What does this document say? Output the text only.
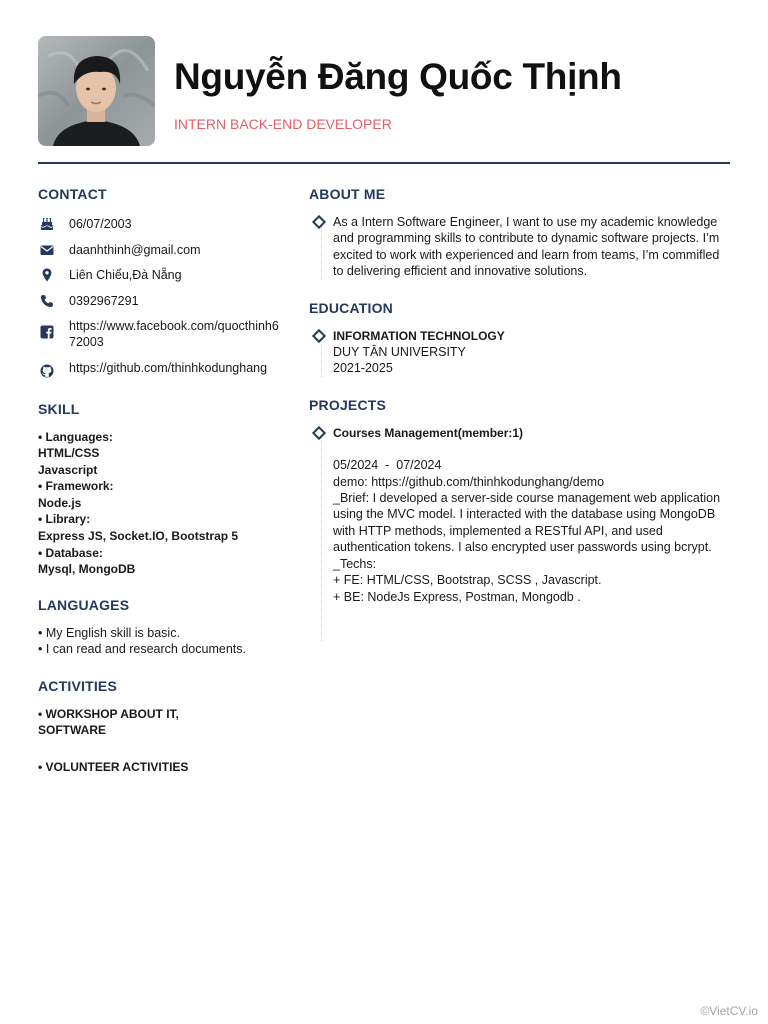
Nguyễn Đăng Quốc Thịnh
INTERN BACK-END DEVELOPER
CONTACT
06/07/2003
daanhthinh@gmail.com
Liên Chiểu,Đà Nẵng
0392967291
https://www.facebook.com/quocthinh672003
https://github.com/thinhkodunghang
SKILL
• Languages:
HTML/CSS
Javascript
• Framework:
Node.js
• Library:
Express JS, Socket.IO, Bootstrap 5
• Database:
Mysql, MongoDB
LANGUAGES
• My English skill is basic.
• I can read and research documents.
ACTIVITIES
• WORKSHOP ABOUT IT, SOFTWARE
• VOLUNTEER ACTIVITIES
ABOUT ME
As a Intern Software Engineer, I want to use my academic knowledge and programming skills to contribute to dynamic software projects. I’m excited to work with experienced and learn from teams, I’m commifled to delivering efficient and innovative solutions.
EDUCATION
INFORMATION TECHNOLOGY
DUY TÂN UNIVERSITY
2021-2025
PROJECTS
Courses Management(member:1)
05/2024  -  07/2024
demo: https://github.com/thinhkodunghang/demo
_Brief: I developed a server-side course management web application using the MVC model. I interacted with the database using MongoDB with HTTP methods, implemented a RESTful API, and used authentication tokens. I also encrypted user passwords using bcrypt.
_Techs:
+ FE: HTML/CSS, Bootstrap, SCSS , Javascript.
+ BE: NodeJs Express, Postman, Mongodb .
©VietCV.io
